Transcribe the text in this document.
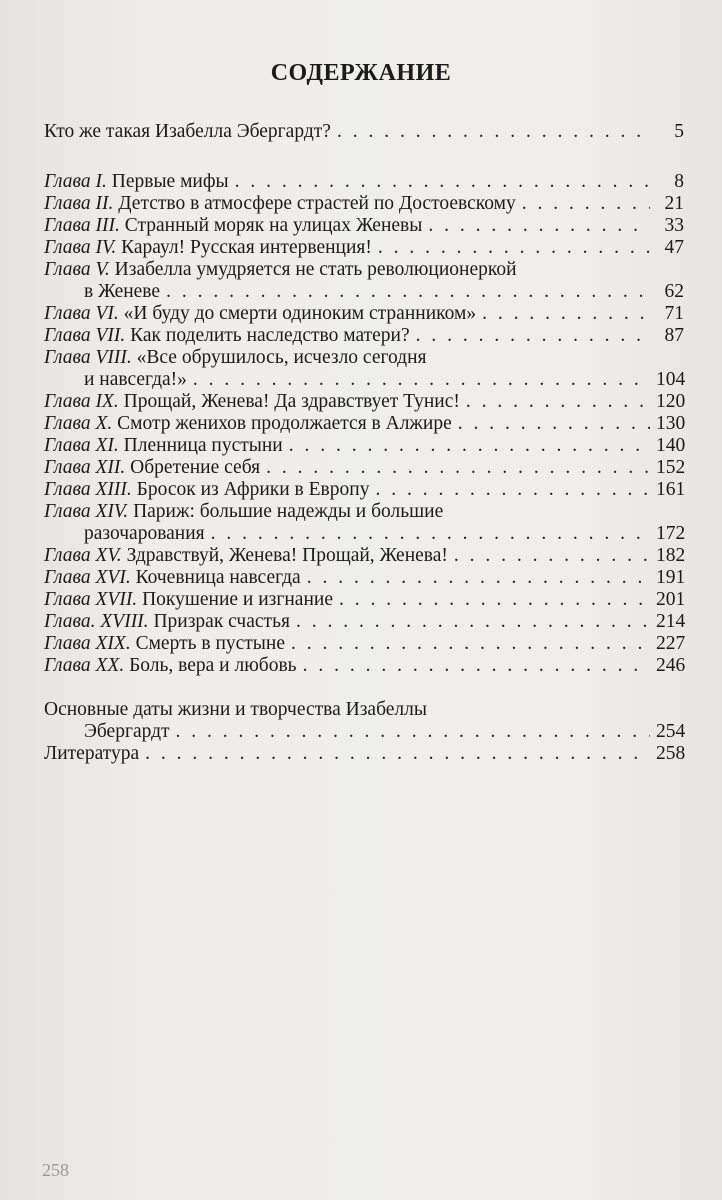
СОДЕРЖАНИЕ
Кто же такая Изабелла Эбергардт? . . .	5
Глава I. Первые мифы . . .	8
Глава II. Детство в атмосфере страстей по Достоевскому . . .	21
Глава III. Странный моряк на улицах Женевы . . .	33
Глава IV. Караул! Русская интервенция! . . .	47
Глава V. Изабелла умудряется не стать революционеркой
в Женеве . . .	62
Глава VI. «И буду до смерти одиноким странником» . . .	71
Глава VII. Как поделить наследство матери? . . .	87
Глава VIII. «Все обрушилось, исчезло сегодня
и навсегда!» . . .	104
Глава IX. Прощай, Женева! Да здравствует Тунис! . . .	120
Глава X. Смотр женихов продолжается в Алжире . . .	130
Глава XI. Пленница пустыни . . .	140
Глава XII. Обретение себя . . .	152
Глава XIII. Бросок из Африки в Европу . . .	161
Глава XIV. Париж: большие надежды и большие
разочарования . . .	172
Глава XV. Здравствуй, Женева! Прощай, Женева! . . .	182
Глава XVI. Кочевница навсегда . . .	191
Глава XVII. Покушение и изгнание . . .	201
Глава. XVIII. Призрак счастья . . .	214
Глава XIX. Смерть в пустыне . . .	227
Глава XX. Боль, вера и любовь . . .	246
Основные даты жизни и творчества Изабеллы
Эбергардт . . .	254
Литература . . .	258
258
